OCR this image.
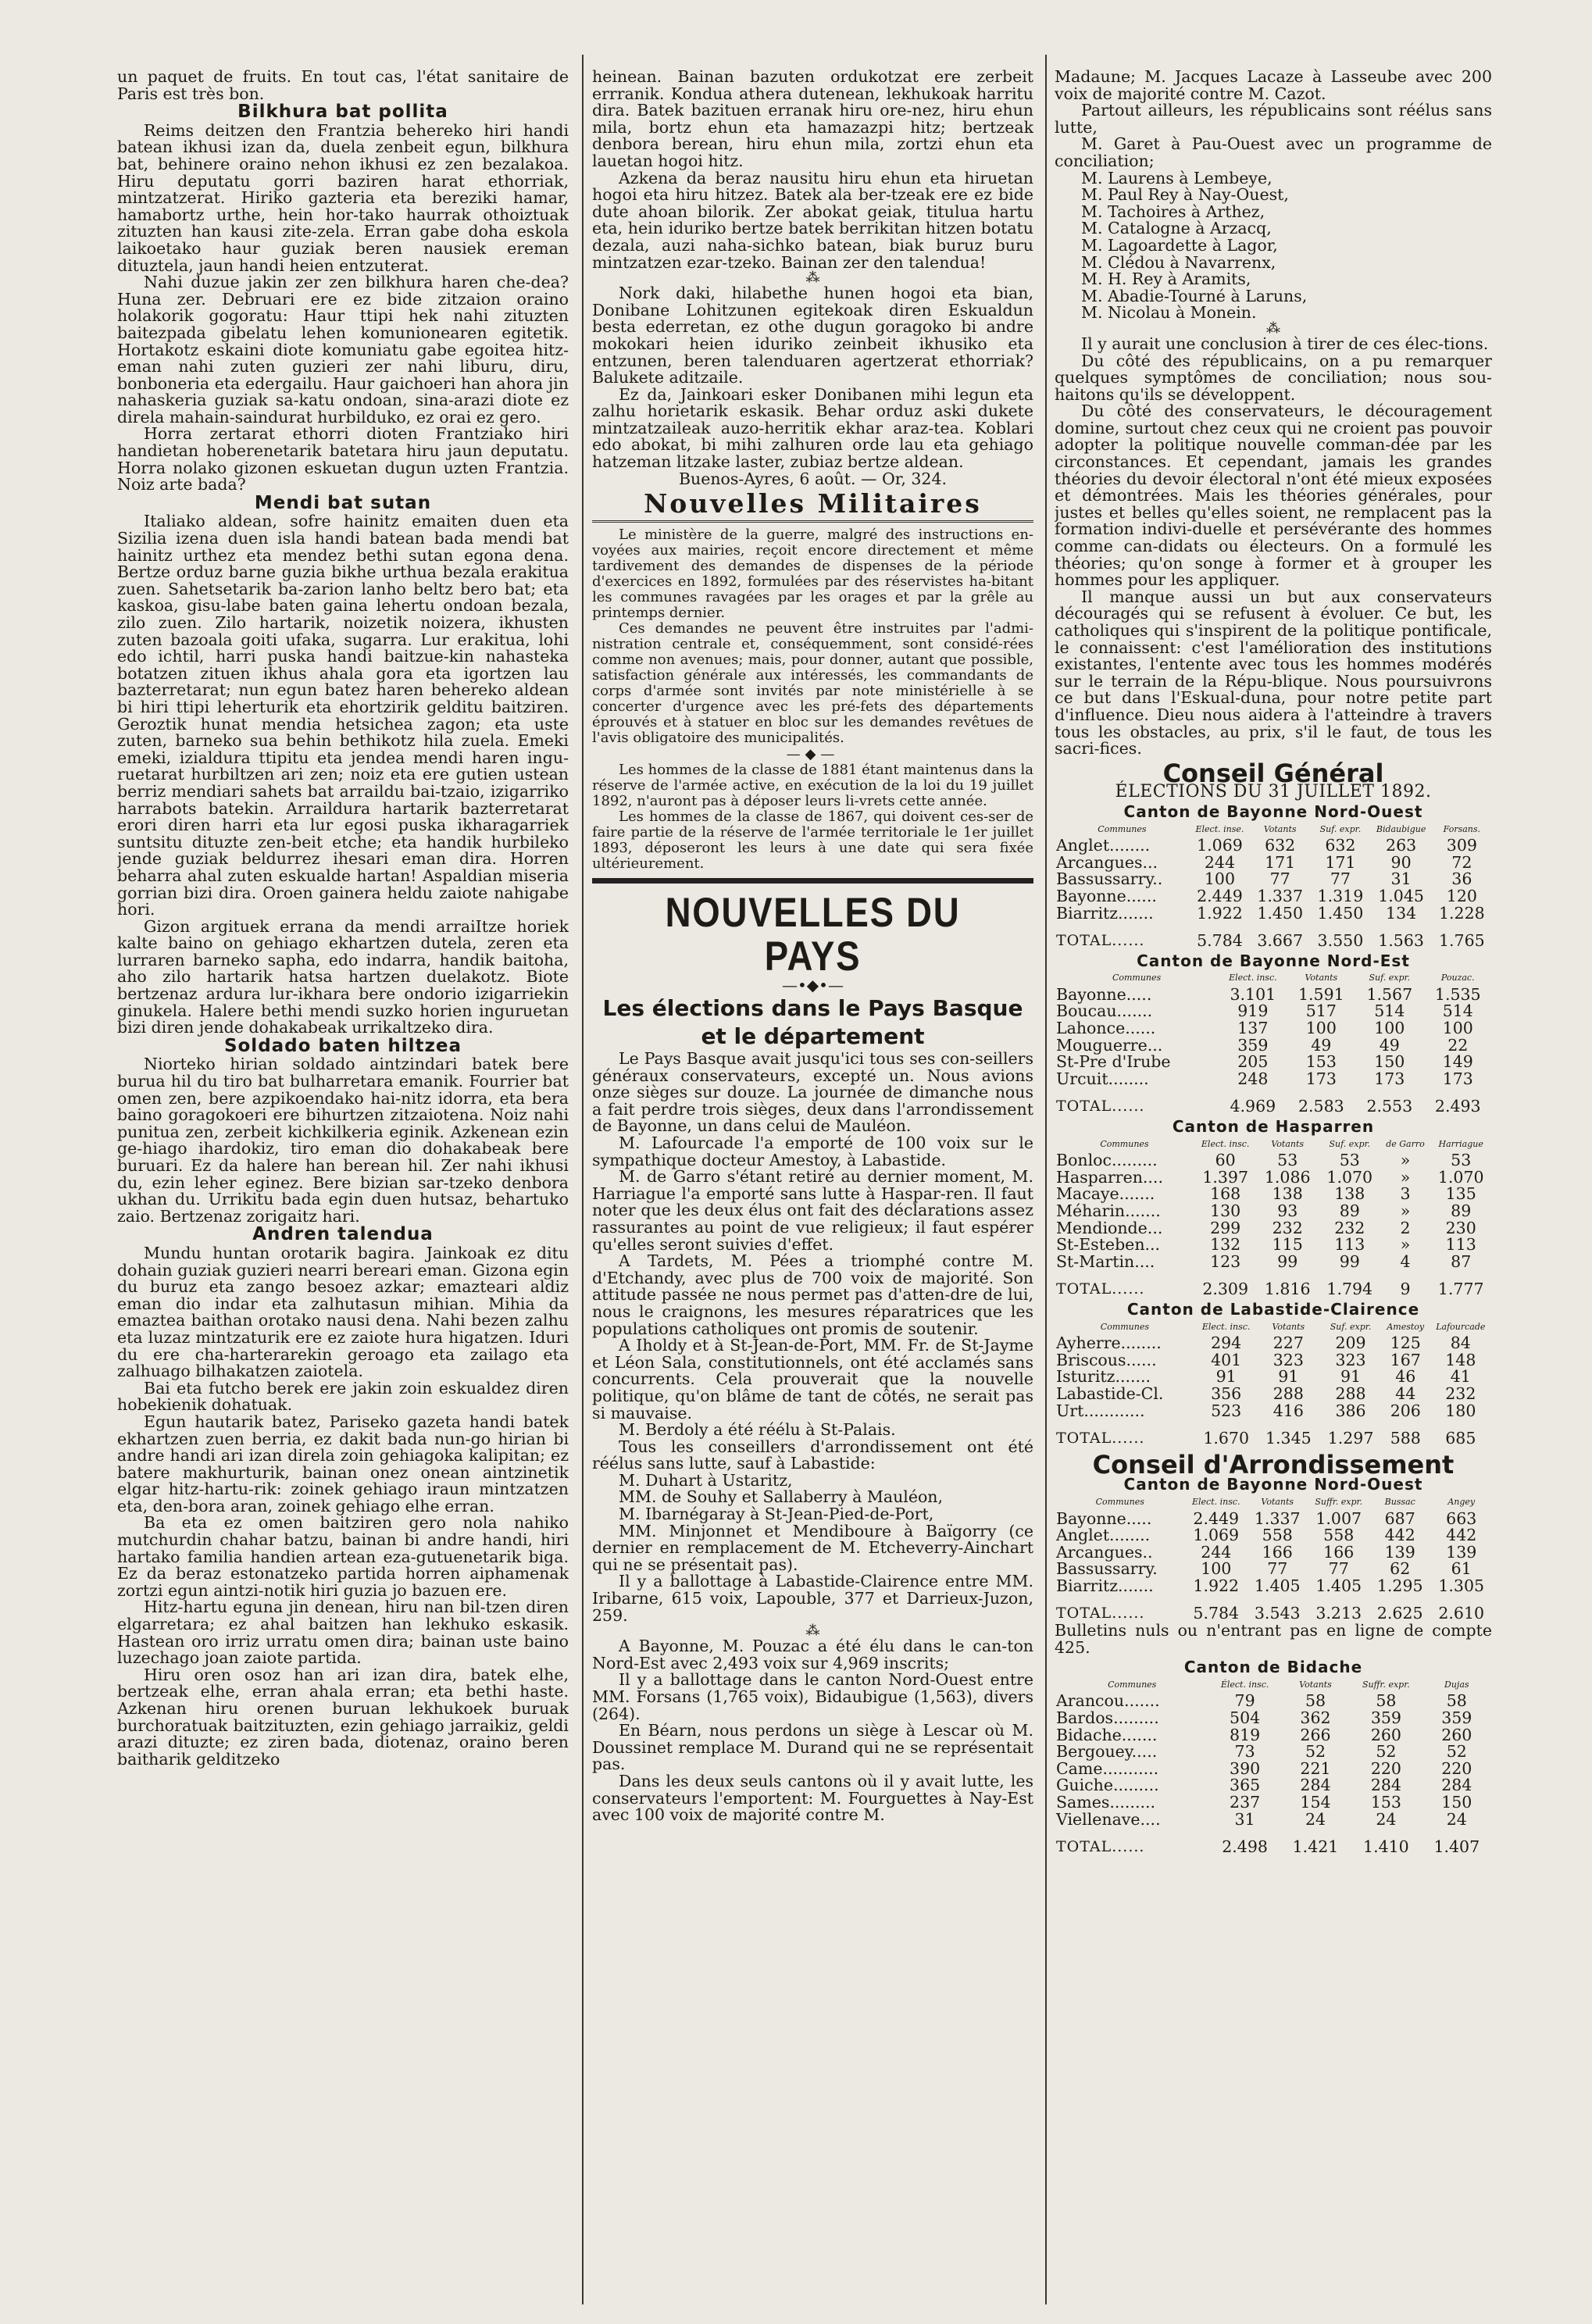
un paquet de fruits. En tout cas, l'état sanitaire de Paris est très bon.

Bilkhura bat pollita

Reims deitzen den Frantzia behereko hiri handi batean ikhusi izan da, duela zenbeit egun, bilkhura bat, behinere oraino nehon ikhusi ez zen bezalakoa. Hiru deputatu gorri baziren harat ethorriak, mintzatzerat. Hiriko gazteria eta bereziki hamar, hamabortz urthe, hein hor-tako haurrak othoiztuak zituzten han kausi zite-zela. Erran gabe doha eskola laikoetako haur guziak beren nausiek ereman dituztela, jaun handi heien entzuterat.

Nahi duzue jakin zer zen bilkhura haren che-dea? Huna zer. Debruari ere ez bide zitzaion oraino holakorik gogoratu: Haur ttipi hek nahi zituzten baitezpada gibelatu lehen komunionearen egitetik. Hortakotz eskaini diote komuniatu gabe egoitea hitz-eman nahi zuten guzieri zer nahi liburu, diru, bonboneria eta edergailu. Haur gaichoeri han ahora jin nahaskeria guziak sa-katu ondoan, sina-arazi diote ez direla mahain-saindurat hurbilduko, ez orai ez gero.

Horra zertarat ethorri dioten Frantziako hiri handietan hoberenetarik batetara hiru jaun deputatu. Horra nolako gizonen eskuetan dugun uzten Frantzia. Noiz arte bada?

Mendi bat sutan

Italiako aldean, sofre hainitz emaiten duen eta Sizilia izena duen isla handi batean bada mendi bat hainitz urthez eta mendez bethi sutan egona dena. Bertze orduz barne guzia bikhe urthua bezala erakitua zuen. Sahetsetarik ba-zarion lanho beltz bero bat; eta kaskoa, gisu-labe baten gaina lehertu ondoan bezala, zilo zuen. Zilo hartarik, noizetik noizera, ikhusten zuten bazoala goiti ufaka, sugarra. Lur erakitua, lohi edo ichtil, harri puska handi baitzue-kin nahasteka botatzen zituen ikhus ahala gora eta igortzen lau bazterretarat; nun egun batez haren behereko aldean bi hiri ttipi leherturik eta ehortzirik gelditu baitziren. Geroztik hunat mendia hetsichea zagon; eta uste zuten, barneko sua behin bethikotz hila zuela. Emeki emeki, izialdura ttipitu eta jendea mendi haren ingu-ruetarat hurbiltzen ari zen; noiz eta ere gutien ustean berriz mendiari sahets bat arraildu bai-tzaio, izigarriko harrabots batekin. Arraildura hartarik bazterretarat erori diren harri eta lur egosi puska ikharagarriek suntsitu dituzte zen-beit etche; eta handik hurbileko jende guziak beldurrez ihesari eman dira. Horren beharra ahal zuten eskualde hartan! Aspaldian miseria gorrian bizi dira. Oroen gainera heldu zaiote nahigabe hori.

Gizon argituek errana da mendi arraiItze horiek kalte baino on gehiago ekhartzen dutela, zeren eta lurraren barneko sapha, edo indarra, handik baitoha, aho zilo hartarik hatsa hartzen duelakotz. Biote bertzenaz ardura lur-ikhara bere ondorio izigarriekin ginukela. Halere bethi mendi suzko horien inguruetan bizi diren jende dohakabeak urrikaltzeko dira.

Soldado baten hiltzea

Niorteko hirian soldado aintzindari batek bere burua hil du tiro bat bulharretara emanik. Fourrier bat omen zen, bere azpikoendako hai-nitz idorra, eta bera baino goragokoeri ere bihurtzen zitzaiotena. Noiz nahi punitua zen, zerbeit kichkilkeria eginik. Azkenean ezin ge-hiago ihardokiz, tiro eman dio dohakabeak bere buruari. Ez da halere han berean hil. Zer nahi ikhusi du, ezin leher eginez. Bere bizian sar-tzeko denbora ukhan du. Urrikitu bada egin duen hutsaz, behartuko zaio. Bertzenaz zorigaitz hari.

Andren talendua

Mundu huntan orotarik bagira. Jainkoak ez ditu dohain guziak guzieri nearri bereari eman. Gizona egin du buruz eta zango besoez azkar; emazteari aldiz eman dio indar eta zalhutasun mihian. Mihia da emaztea baithan orotako nausi dena. Nahi bezen zalhu eta luzaz mintzaturik ere ez zaiote hura higatzen. Iduri du ere cha-harterarekin geroago eta zailago eta zalhuago bilhakatzen zaiotela.

Bai eta futcho berek ere jakin zoin eskualdez diren hobekienik dohatuak.

Egun hautarik batez, Pariseko gazeta handi batek ekhartzen zuen berria, ez dakit bada nun-go hirian bi andre handi ari izan direla zoin gehiagoka kalipitan; ez batere makhurturik, bainan onez onean aintzinetik elgar hitz-hartu-rik: zoinek gehiago iraun mintzatzen eta, den-bora aran, zoinek gehiago elhe erran.

Ba eta ez omen baitziren gero nola nahiko mutchurdin chahar batzu, bainan bi andre handi, hiri hartako familia handien artean eza-gutuenetarik biga. Ez da beraz estonatzeko partida horren aiphamenak zortzi egun aintzi-notik hiri guzia jo bazuen ere.

Hitz-hartu eguna jin denean, hiru nan bil-tzen diren elgarretara; ez ahal baitzen han lekhuko eskasik. Hastean oro irriz urratu omen dira; bainan uste baino luzechago joan zaiote partida.

Hiru oren osoz han ari izan dira, batek elhe, bertzeak elhe, erran ahala erran; eta bethi haste. Azkenan hiru orenen buruan lekhukoek buruak burchoratuak baitzituzten, ezin gehiago jarraikiz, geldi arazi dituzte; ez ziren bada, diotenaz, oraino beren baitharik gelditzeko

heinean. Bainan bazuten ordukotzat ere zerbeit errranik. Kondua athera dutenean, lekhukoak harritu dira. Batek bazituen erranak hiru ore-nez, hiru ehun mila, bortz ehun eta hamazazpi hitz; bertzeak denbora berean, hiru ehun mila, zortzi ehun eta lauetan hogoi hitz.

Azkena da beraz nausitu hiru ehun eta hiruetan hogoi eta hiru hitzez. Batek ala ber-tzeak ere ez bide dute ahoan bilorik. Zer abokat geiak, titulua hartu eta, hein iduriko bertze batek berrikitan hitzen botatu dezala, auzi naha-sichko batean, biak buruz buru mintzatzen ezar-tzeko. Bainan zer den talendua!

⁂

Nork daki, hilabethe hunen hogoi eta bian, Donibane Lohitzunen egitekoak diren Eskualdun besta ederretan, ez othe dugun goragoko bi andre mokokari heien iduriko zeinbeit ikhusiko eta entzunen, beren talenduaren agertzerat ethorriak? Balukete aditzaile.

Ez da, Jainkoari esker Donibanen mihi legun eta zalhu horietarik eskasik. Behar orduz aski dukete mintzatzaileak auzo-herritik ekhar araz-tea. Koblari edo abokat, bi mihi zalhuren orde lau eta gehiago hatzeman litzake laster, zubiaz bertze aldean.

Buenos-Ayres, 6 août. — Or, 324.
Nouvelles Militaires

Le ministère de la guerre, malgré des instructions en-voyées aux mairies, reçoit encore directement et même tardivement des demandes de dispenses de la période d'exercices en 1892, formulées par des réservistes ha-bitant les communes ravagées par les orages et par la grêle au printemps dernier.

Ces demandes ne peuvent être instruites par l'admi-nistration centrale et, conséquemment, sont considé-rées comme non avenues; mais, pour donner, autant que possible, satisfaction générale aux intéressés, les commandants de corps d'armée sont invités par note ministérielle à se concerter d'urgence avec les pré-fets des départements éprouvés et à statuer en bloc sur les demandes revêtues de l'avis obligatoire des municipalités.

—◆—

Les hommes de la classe de 1881 étant maintenus dans la réserve de l'armée active, en exécution de la loi du 19 juillet 1892, n'auront pas à déposer leurs li-vrets cette année.

Les hommes de la classe de 1867, qui doivent ces-ser de faire partie de la réserve de l'armée territoriale le 1er juillet 1893, déposeront les leurs à une date qui sera fixée ultérieurement.

NOUVELLES DU PAYS
—•◆•—
Les élections dans le Pays Basque
et le département

Le Pays Basque avait jusqu'ici tous ses con-seillers généraux conservateurs, excepté un. Nous avions onze sièges sur douze. La journée de dimanche nous a fait perdre trois sièges, deux dans l'arrondissement de Bayonne, un dans celui de Mauléon.

M. Lafourcade l'a emporté de 100 voix sur le sympathique docteur Amestoy, à Labastide.

M. de Garro s'étant retiré au dernier moment, M. Harriague l'a emporté sans lutte à Haspar-ren. Il faut noter que les deux élus ont fait des déclarations assez rassurantes au point de vue religieux; il faut espérer qu'elles seront suivies d'effet.

A Tardets, M. Pées a triomphé contre M. d'Etchandy, avec plus de 700 voix de majorité. Son attitude passée ne nous permet pas d'atten-dre de lui, nous le craignons, les mesures réparatrices que les populations catholiques ont promis de soutenir.

A Iholdy et à St-Jean-de-Port, MM. Fr. de St-Jayme et Léon Sala, constitutionnels, ont été acclamés sans concurrents. Cela prouverait que la nouvelle politique, qu'on blâme de tant de côtés, ne serait pas si mauvaise.

M. Berdoly a été réélu à St-Palais.

Tous les conseillers d'arrondissement ont été réélus sans lutte, sauf à Labastide:

M. Duhart à Ustaritz,

MM. de Souhy et Sallaberry à Mauléon,

M. Ibarnégaray à St-Jean-Pied-de-Port,

MM. Minjonnet et Mendiboure à Baïgorry (ce dernier en remplacement de M. Etcheverry-Ainchart qui ne se présentait pas).

Il y a ballottage à Labastide-Clairence entre MM. Iribarne, 615 voix, Lapouble, 377 et Darrieux-Juzon, 259.

⁂

A Bayonne, M. Pouzac a été élu dans le can-ton Nord-Est avec 2,493 voix sur 4,969 inscrits;

Il y a ballottage dans le canton Nord-Ouest entre MM. Forsans (1,765 voix), Bidaubigue (1,563), divers (264).

En Béarn, nous perdons un siège à Lescar où M. Doussinet remplace M. Durand qui ne se représentait pas.

Dans les deux seuls cantons où il y avait lutte, les conservateurs l'emportent: M. Fourguettes à Nay-Est avec 100 voix de majorité contre M.

Madaune; M. Jacques Lacaze à Lasseube avec 200 voix de majorité contre M. Cazot.

Partout ailleurs, les républicains sont réélus sans lutte,

M. Garet à Pau-Ouest avec un programme de conciliation;

M. Laurens à Lembeye,

M. Paul Rey à Nay-Ouest,

M. Tachoires à Arthez,

M. Catalogne à Arzacq,

M. Lagoardette à Lagor,

M. Clédou à Navarrenx,

M. H. Rey à Aramits,

M. Abadie-Tourné à Laruns,

M. Nicolau à Monein.

⁂

Il y aurait une conclusion à tirer de ces élec-tions.

Du côté des républicains, on a pu remarquer quelques symptômes de conciliation; nous sou-haitons qu'ils se développent.

Du côté des conservateurs, le découragement domine, surtout chez ceux qui ne croient pas pouvoir adopter la politique nouvelle comman-dée par les circonstances. Et cependant, jamais les grandes théories du devoir électoral n'ont été mieux exposées et démontrées. Mais les théories générales, pour justes et belles qu'elles soient, ne remplacent pas la formation indivi-duelle et persévérante des hommes comme can-didats ou électeurs. On a formulé les théories; qu'on songe à former et à grouper les hommes pour les appliquer.

Il manque aussi un but aux conservateurs découragés qui se refusent à évoluer. Ce but, les catholiques qui s'inspirent de la politique pontificale, le connaissent: c'est l'amélioration des institutions existantes, l'entente avec tous les hommes modérés sur le terrain de la Répu-blique. Nous poursuivrons ce but dans l'Eskual-duna, pour notre petite part d'influence. Dieu nous aidera à l'atteindre à travers tous les obstacles, au prix, s'il le faut, de tous les sacri-fices.

Conseil Général
ÉLECTIONS DU 31 JUILLET 1892.
Canton de Bayonne Nord-Ouest
Communes	Elect. inse.	Votants	Suf. expr.	Bidaubigue	Forsans.
Anglet........	1.069	632	632	263	309
Arcangues...	244	171	171	90	72
Bassussarry..	100	77	77	31	36
Bayonne......	2.449	1.337	1.319	1.045	120
Biarritz.......	1.922	1.450	1.450	134	1.228
TOTAL......	5.784	3.667	3.550	1.563	1.765
Canton de Bayonne Nord-Est
Communes	Elect. insc.	Votants	Suf. expr.	Pouzac.
Bayonne.....	3.101	1.591	1.567	1.535
Boucau.......	919	517	514	514
Lahonce......	137	100	100	100
Mouguerre...	359	49	49	22
St-Pre d'Irube	205	153	150	149
Urcuit........	248	173	173	173
TOTAL......	4.969	2.583	2.553	2.493
Canton de Hasparren
Communes	Elect. insc.	Votants	Suf. expr.	de Garro	Harriague
Bonloc.........	60	53	53	»	53
Hasparren....	1.397	1.086	1.070	»	1.070
Macaye.......	168	138	138	3	135
Méharin.......	130	93	89	»	89
Mendionde...	299	232	232	2	230
St-Esteben...	132	115	113	»	113
St-Martin....	123	99	99	4	87
TOTAL......	2.309	1.816	1.794	9	1.777
Canton de Labastide-Clairence
Communes	Elect. insc.	Votants	Suf. expr.	Amestoy	Lafourcade
Ayherre........	294	227	209	125	84
Briscous......	401	323	323	167	148
Isturitz.......	91	91	91	46	41
Labastide-Cl.	356	288	288	44	232
Urt............	523	416	386	206	180
TOTAL......	1.670	1.345	1.297	588	685
Conseil d'Arrondissement
Canton de Bayonne Nord-Ouest
Communes	Elect. insc.	Votants	Suffr. expr.	Bussac	Angey
Bayonne.....	2.449	1.337	1.007	687	663
Anglet........	1.069	558	558	442	442
Arcangues..	244	166	166	139	139
Bassussarry.	100	77	77	62	61
Biarritz.......	1.922	1.405	1.405	1.295	1.305
TOTAL......	5.784	3.543	3.213	2.625	2.610

Bulletins nuls ou n'entrant pas en ligne de compte 425.

Canton de Bidache
Communes	Élect. insc.	Votants	Suffr. expr.	Dujas
Arancou.......	79	58	58	58
Bardos.........	504	362	359	359
Bidache.......	819	266	260	260
Bergouey.....	73	52	52	52
Came...........	390	221	220	220
Guiche.........	365	284	284	284
Sames.........	237	154	153	150
Viellenave....	31	24	24	24
TOTAL......	2.498	1.421	1.410	1.407
